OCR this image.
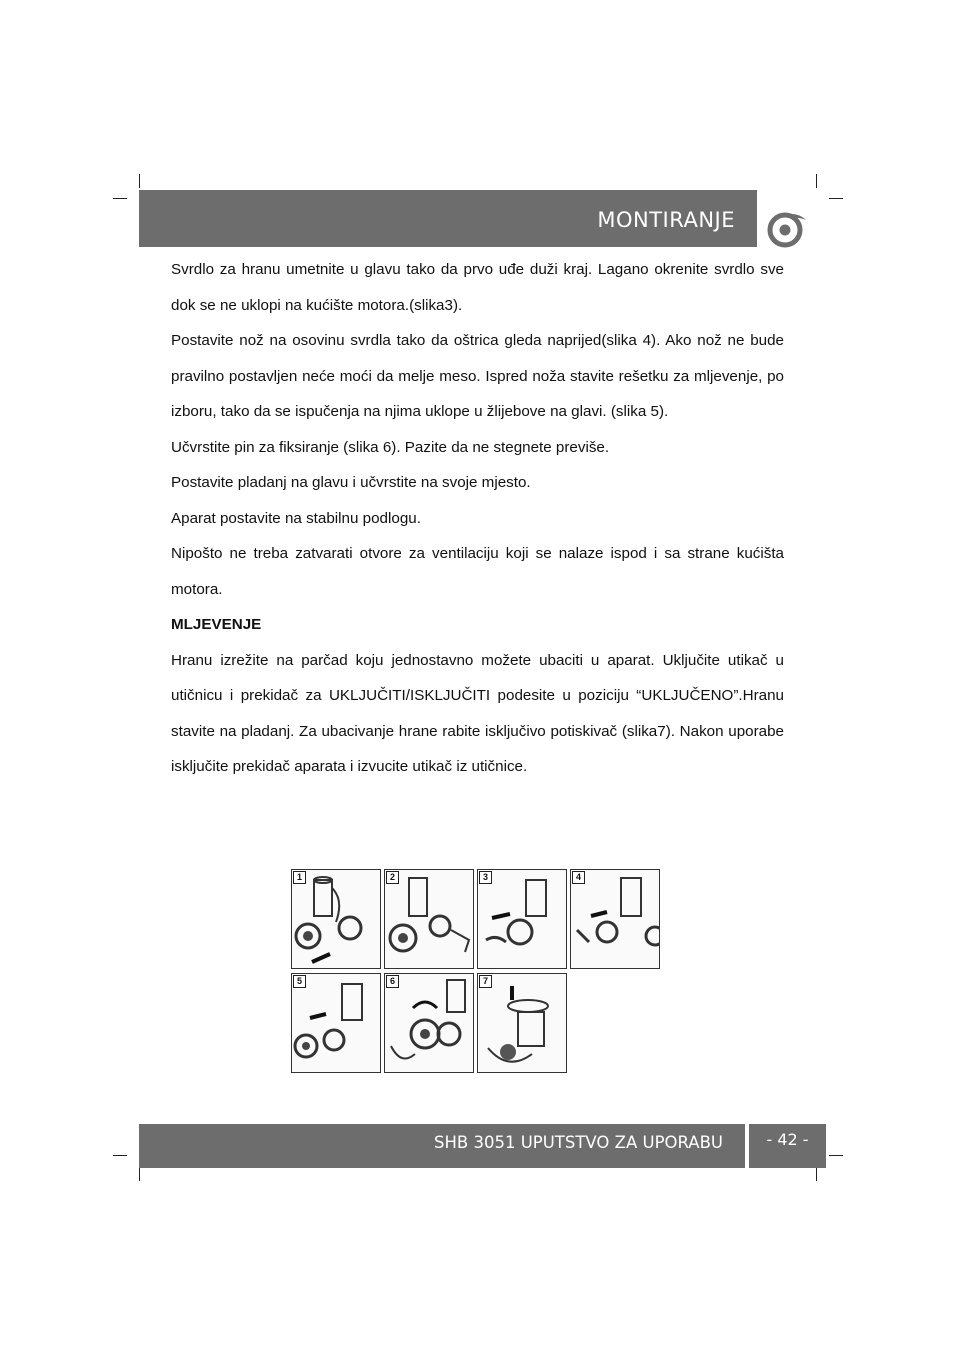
MONTIRANJE

Svrdlo za hranu umetnite u glavu tako da prvo uđe duži kraj. Lagano okrenite svrdlo sve dok se ne uklopi na kućište motora.(slika3).

Postavite nož na osovinu svrdla tako da oštrica gleda naprijed(slika 4). Ako nož ne bude pravilno postavljen neće moći da melje meso. Ispred noža stavite rešetku za mljevenje, po izboru, tako da se ispučenja na njima uklope u žlijebove na glavi. (slika 5).

Učvrstite pin za fiksiranje (slika 6). Pazite da ne stegnete previše.

Postavite pladanj na glavu i učvrstite na svoje mjesto.

Aparat postavite na stabilnu podlogu.

Nipošto ne treba zatvarati otvore za ventilaciju koji se nalaze ispod i sa strane kućišta motora.

MLJEVENJE

Hranu izrežite na parčad koju jednostavno možete ubaciti u aparat. Uključite utikač u utičnicu i prekidač za UKLJUČITI/ISKLJUČITI podesite u poziciju “UKLJUČENO”.Hranu stavite na pladanj. Za ubacivanje hrane rabite isključivo potiskivač (slika7). Nakon uporabe isključite prekidač aparata i izvucite utikač iz utičnice.

1	2	3	4
5	6	7
SHB 3051 UPUTSTVO ZA UPORABU	- 42 -
